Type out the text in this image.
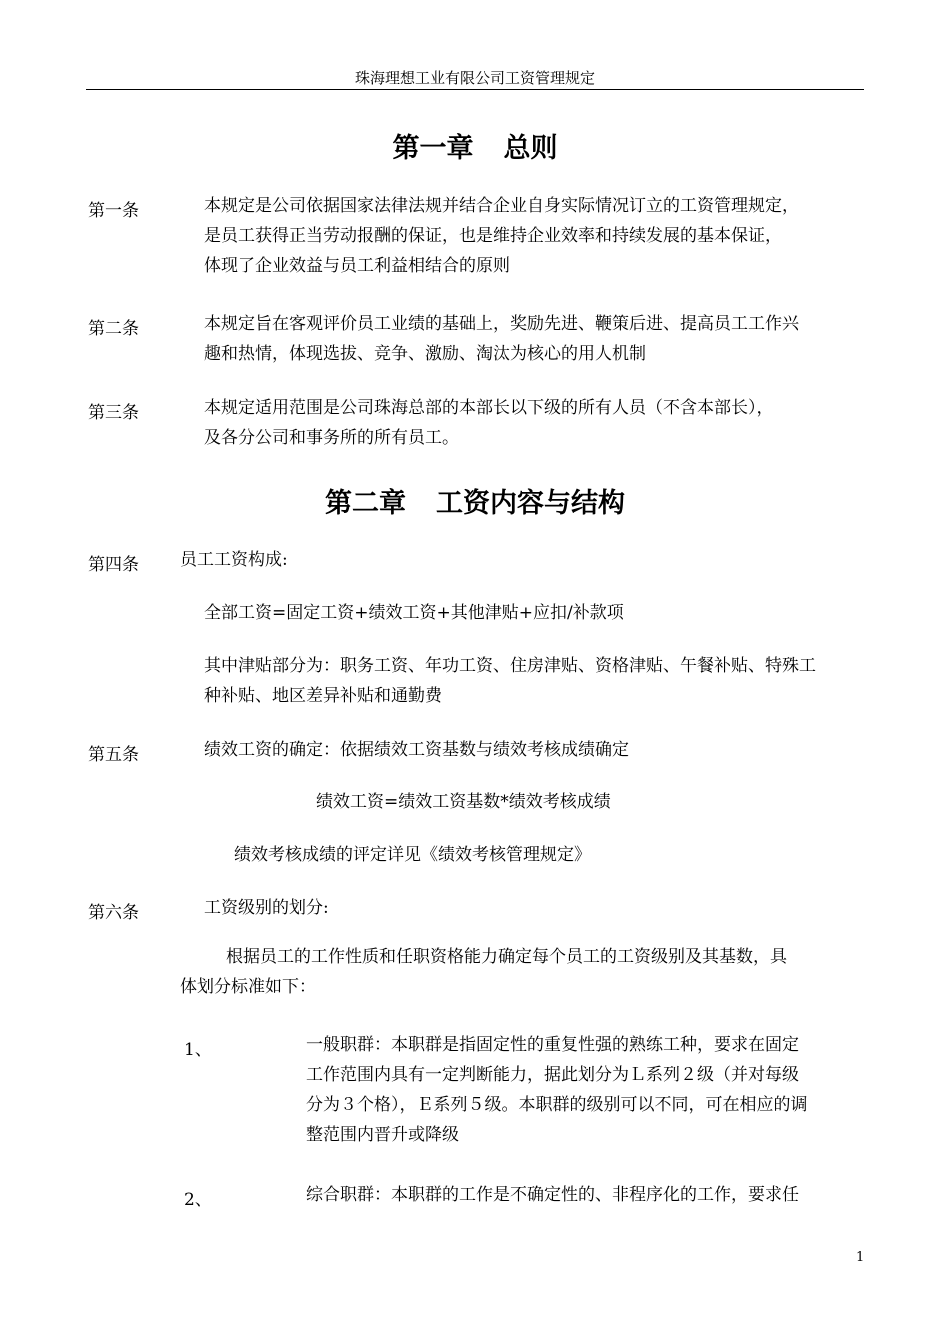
珠海理想工业有限公司工资管理规定
第一章 总则
第一条	本规定是公司依据国家法律法规并结合企业自身实际情况订立的工资管理规定，
是员工获得正当劳动报酬的保证，也是维持企业效率和持续发展的基本保证，
体现了企业效益与员工利益相结合的原则
第二条	本规定旨在客观评价员工业绩的基础上，奖励先进、鞭策后进、提高员工工作兴
趣和热情，体现选拔、竞争、激励、淘汰为核心的用人机制
第三条	本规定适用范围是公司珠海总部的本部长以下级的所有人员（不含本部长），
及各分公司和事务所的所有员工。
第二章 工资内容与结构
第四条 员工工资构成:
全部工资=固定工资+绩效工资+其他津贴+应扣/补款项
其中津贴部分为：职务工资、年功工资、住房津贴、资格津贴、午餐补贴、特殊工
种补贴、地区差异补贴和通勤费
第五条	绩效工资的确定：依据绩效工资基数与绩效考核成绩确定
绩效工资=绩效工资基数*绩效考核成绩
绩效考核成绩的评定详见《绩效考核管理规定》
第六条	工资级别的划分:
根据员工的工作性质和任职资格能力确定每个员工的工资级别及其基数，具
体划分标准如下：
1、	一般职群：本职群是指固定性的重复性强的熟练工种，要求在固定
工作范围内具有一定判断能力，据此划分为Ｌ系列２级（并对每级
分为３个格），Ｅ系列５级。本职群的级别可以不同，可在相应的调
整范围内晋升或降级
2、	综合职群：本职群的工作是不确定性的、非程序化的工作，要求任
1
